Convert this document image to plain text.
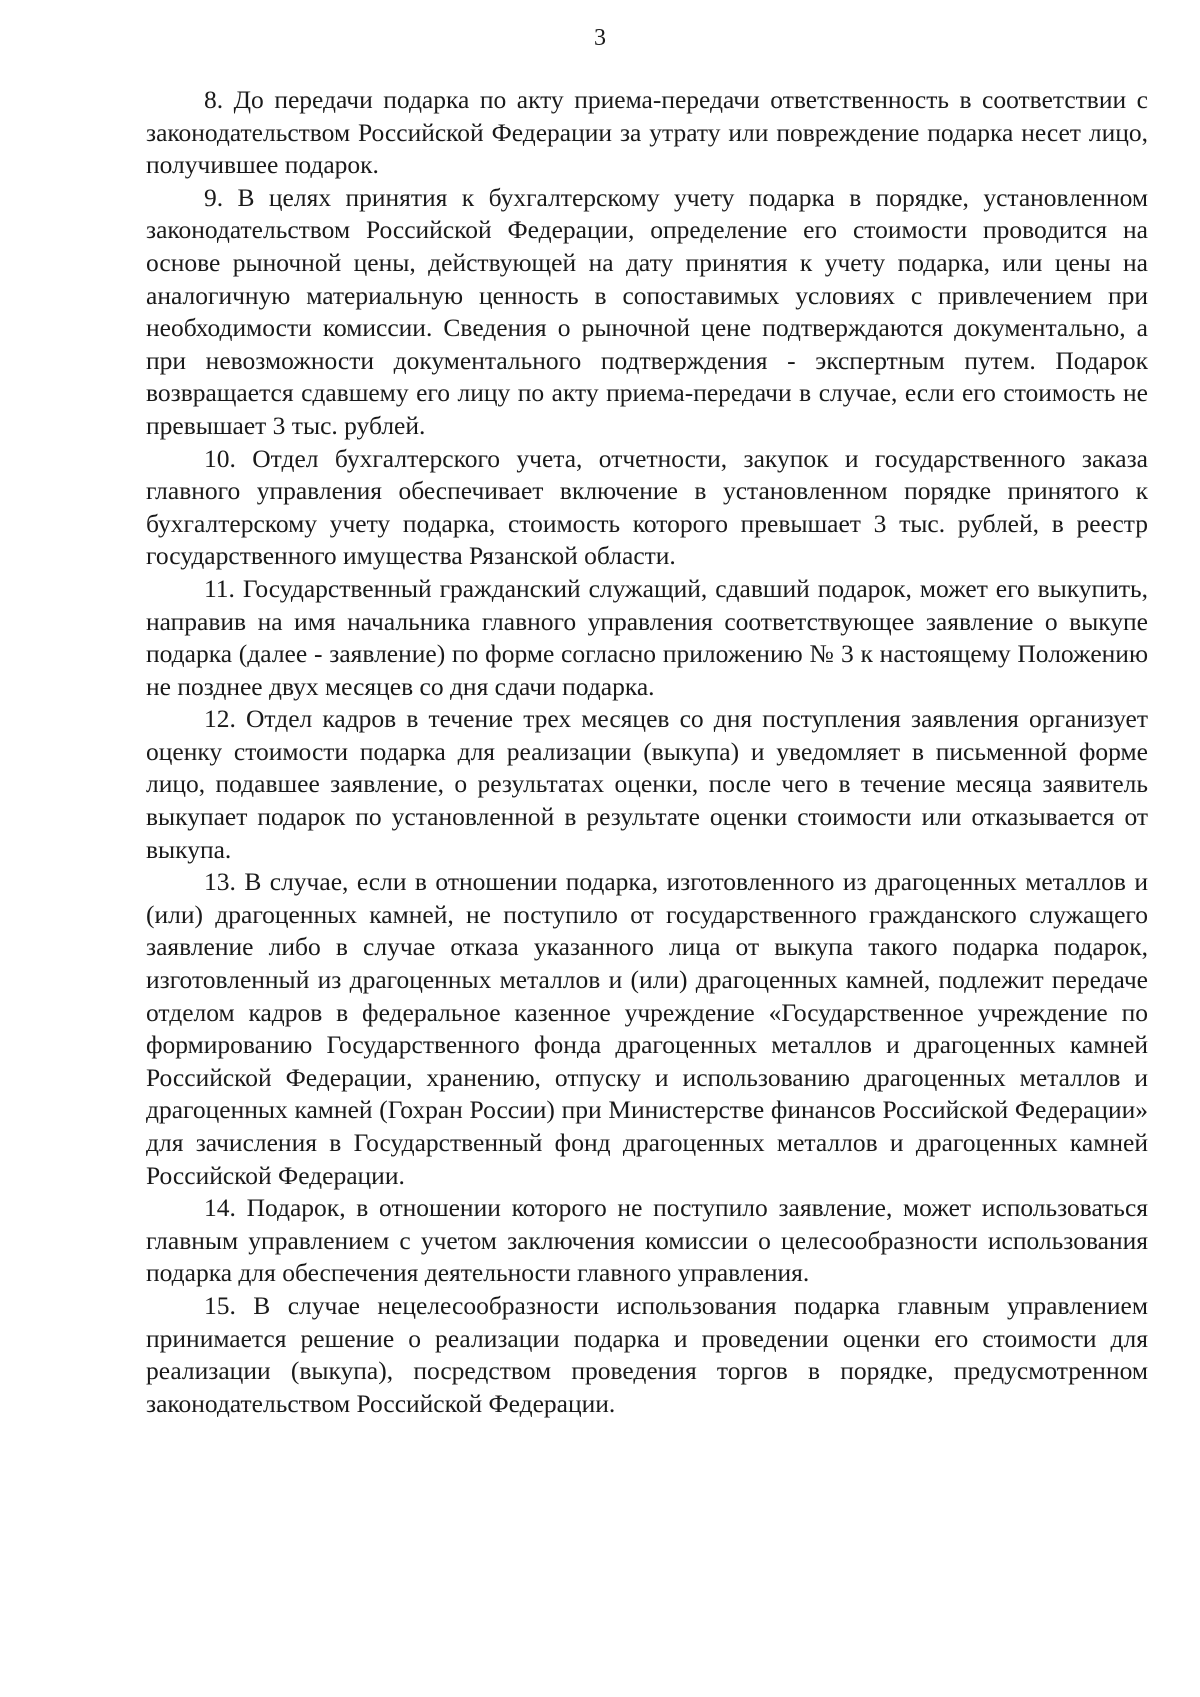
3

8. До передачи подарка по акту приема-передачи ответственность в соответствии с законодательством Российской Федерации за утрату или повреждение подарка несет лицо, получившее подарок.

9. В целях принятия к бухгалтерскому учету подарка в порядке, установленном законодательством Российской Федерации, определение его стоимости проводится на основе рыночной цены, действующей на дату принятия к учету подарка, или цены на аналогичную материальную ценность в сопоставимых условиях с привлечением при необходимости комиссии. Сведения о рыночной цене подтверждаются документально, а при невозможности документального подтверждения - экспертным путем. Подарок возвращается сдавшему его лицу по акту приема-передачи в случае, если его стоимость не превышает 3 тыс. рублей.

10. Отдел бухгалтерского учета, отчетности, закупок и государственного заказа главного управления обеспечивает включение в установленном порядке принятого к бухгалтерскому учету подарка, стоимость которого превышает 3 тыс. рублей, в реестр государственного имущества Рязанской области.

11. Государственный гражданский служащий, сдавший подарок, может его выкупить, направив на имя начальника главного управления соответствующее заявление о выкупе подарка (далее - заявление) по форме согласно приложению № 3 к настоящему Положению не позднее двух месяцев со дня сдачи подарка.

12. Отдел кадров в течение трех месяцев со дня поступления заявления организует оценку стоимости подарка для реализации (выкупа) и уведомляет в письменной форме лицо, подавшее заявление, о результатах оценки, после чего в течение месяца заявитель выкупает подарок по установленной в результате оценки стоимости или отказывается от выкупа.

13. В случае, если в отношении подарка, изготовленного из драгоценных металлов и (или) драгоценных камней, не поступило от государственного гражданского служащего заявление либо в случае отказа указанного лица от выкупа такого подарка подарок, изготовленный из драгоценных металлов и (или) драгоценных камней, подлежит передаче отделом кадров в федеральное казенное учреждение «Государственное учреждение по формированию Государственного фонда драгоценных металлов и драгоценных камней Российской Федерации, хранению, отпуску и использованию драгоценных металлов и драгоценных камней (Гохран России) при Министерстве финансов Российской Федерации» для зачисления в Государственный фонд драгоценных металлов и драгоценных камней Российской Федерации.

14. Подарок, в отношении которого не поступило заявление, может использоваться главным управлением с учетом заключения комиссии о целесообразности использования подарка для обеспечения деятельности главного управления.

15. В случае нецелесообразности использования подарка главным управлением принимается решение о реализации подарка и проведении оценки его стоимости для реализации (выкупа), посредством проведения торгов в порядке, предусмотренном законодательством Российской Федерации.
